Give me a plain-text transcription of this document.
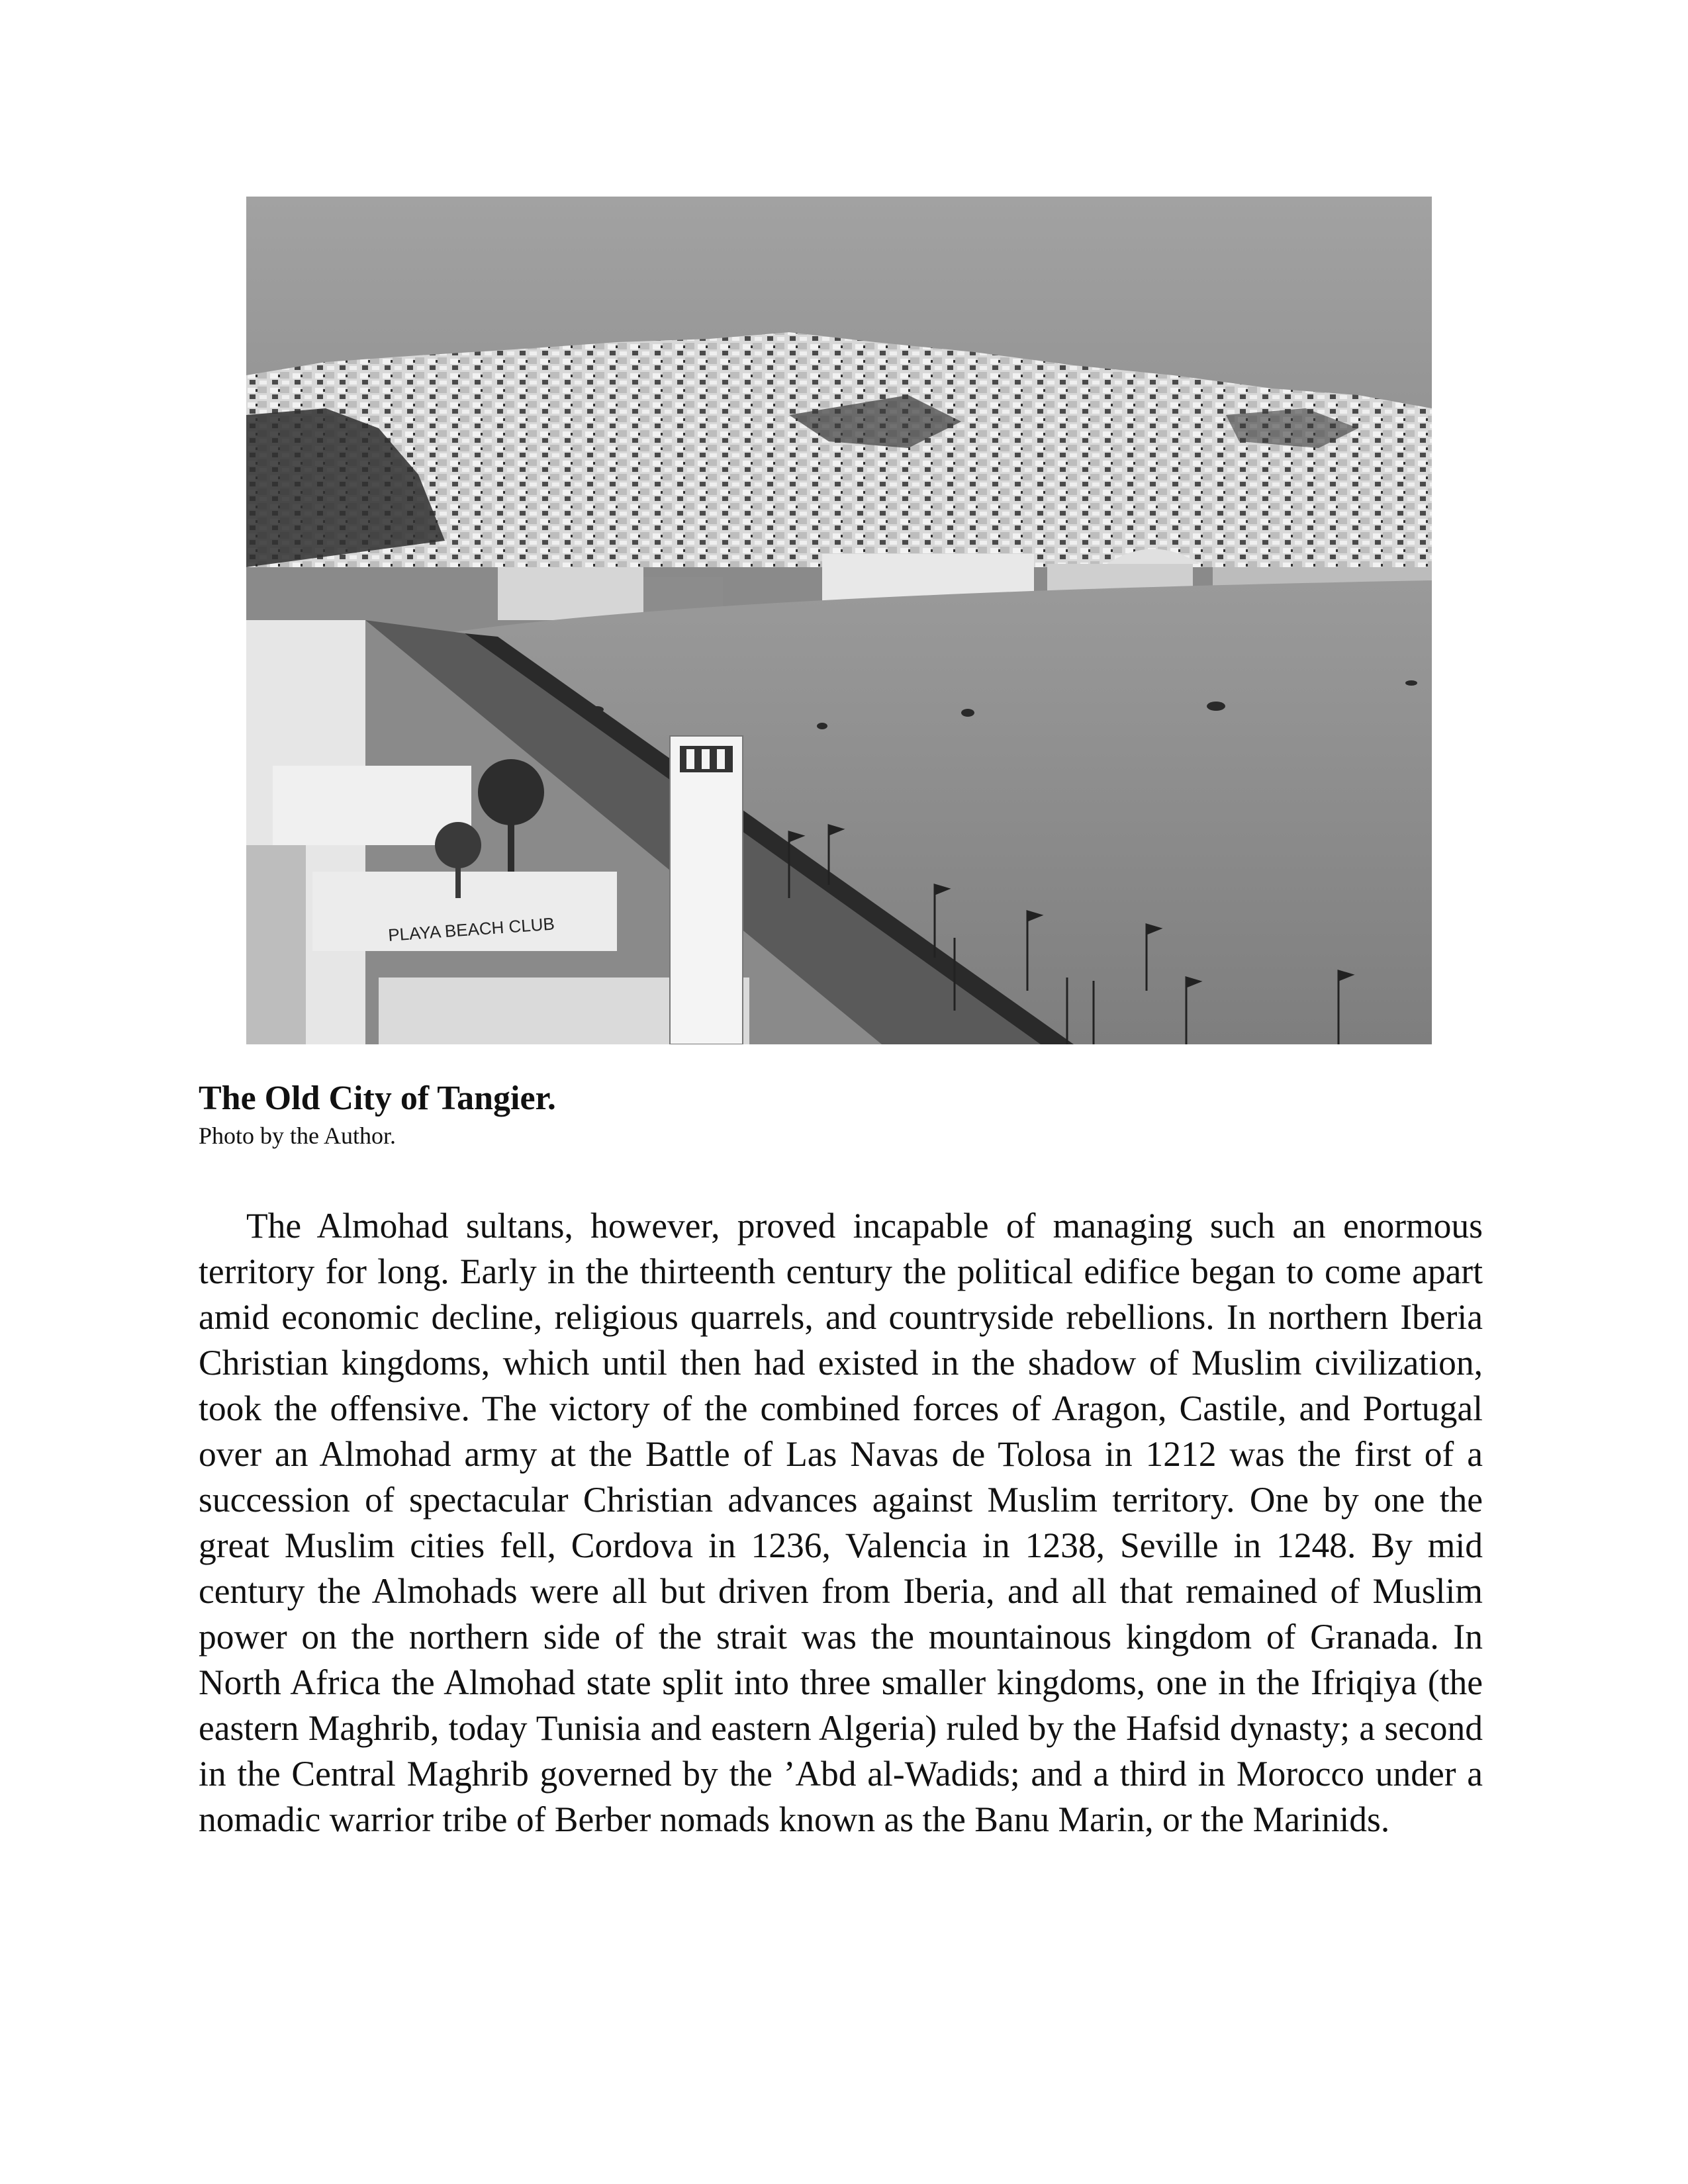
PLAYA BEACH CLUB

The Old City of Tangier.

Photo by the Author.

The Almohad sultans, however, proved incapable of managing such an enormous territory for long. Early in the thirteenth century the political edifice began to come apart amid economic decline, religious quarrels, and countryside rebellions. In northern Iberia Christian kingdoms, which until then had existed in the shadow of Muslim civilization, took the offensive. The victory of the combined forces of Aragon, Castile, and Portugal over an Almohad army at the Battle of Las Navas de Tolosa in 1212 was the first of a succession of spectacular Christian advances against Muslim territory. One by one the great Muslim cities fell, Cordova in 1236, Valencia in 1238, Seville in 1248. By mid century the Almohads were all but driven from Iberia, and all that remained of Muslim power on the northern side of the strait was the mountainous kingdom of Granada. In North Africa the Almohad state split into three smaller kingdoms, one in the Ifriqiya (the eastern Maghrib, today Tunisia and eastern Algeria) ruled by the Hafsid dynasty; a second in the Central Maghrib governed by the ’Abd al-Wadids; and a third in Morocco under a nomadic warrior tribe of Berber nomads known as the Banu Marin, or the Marinids.
